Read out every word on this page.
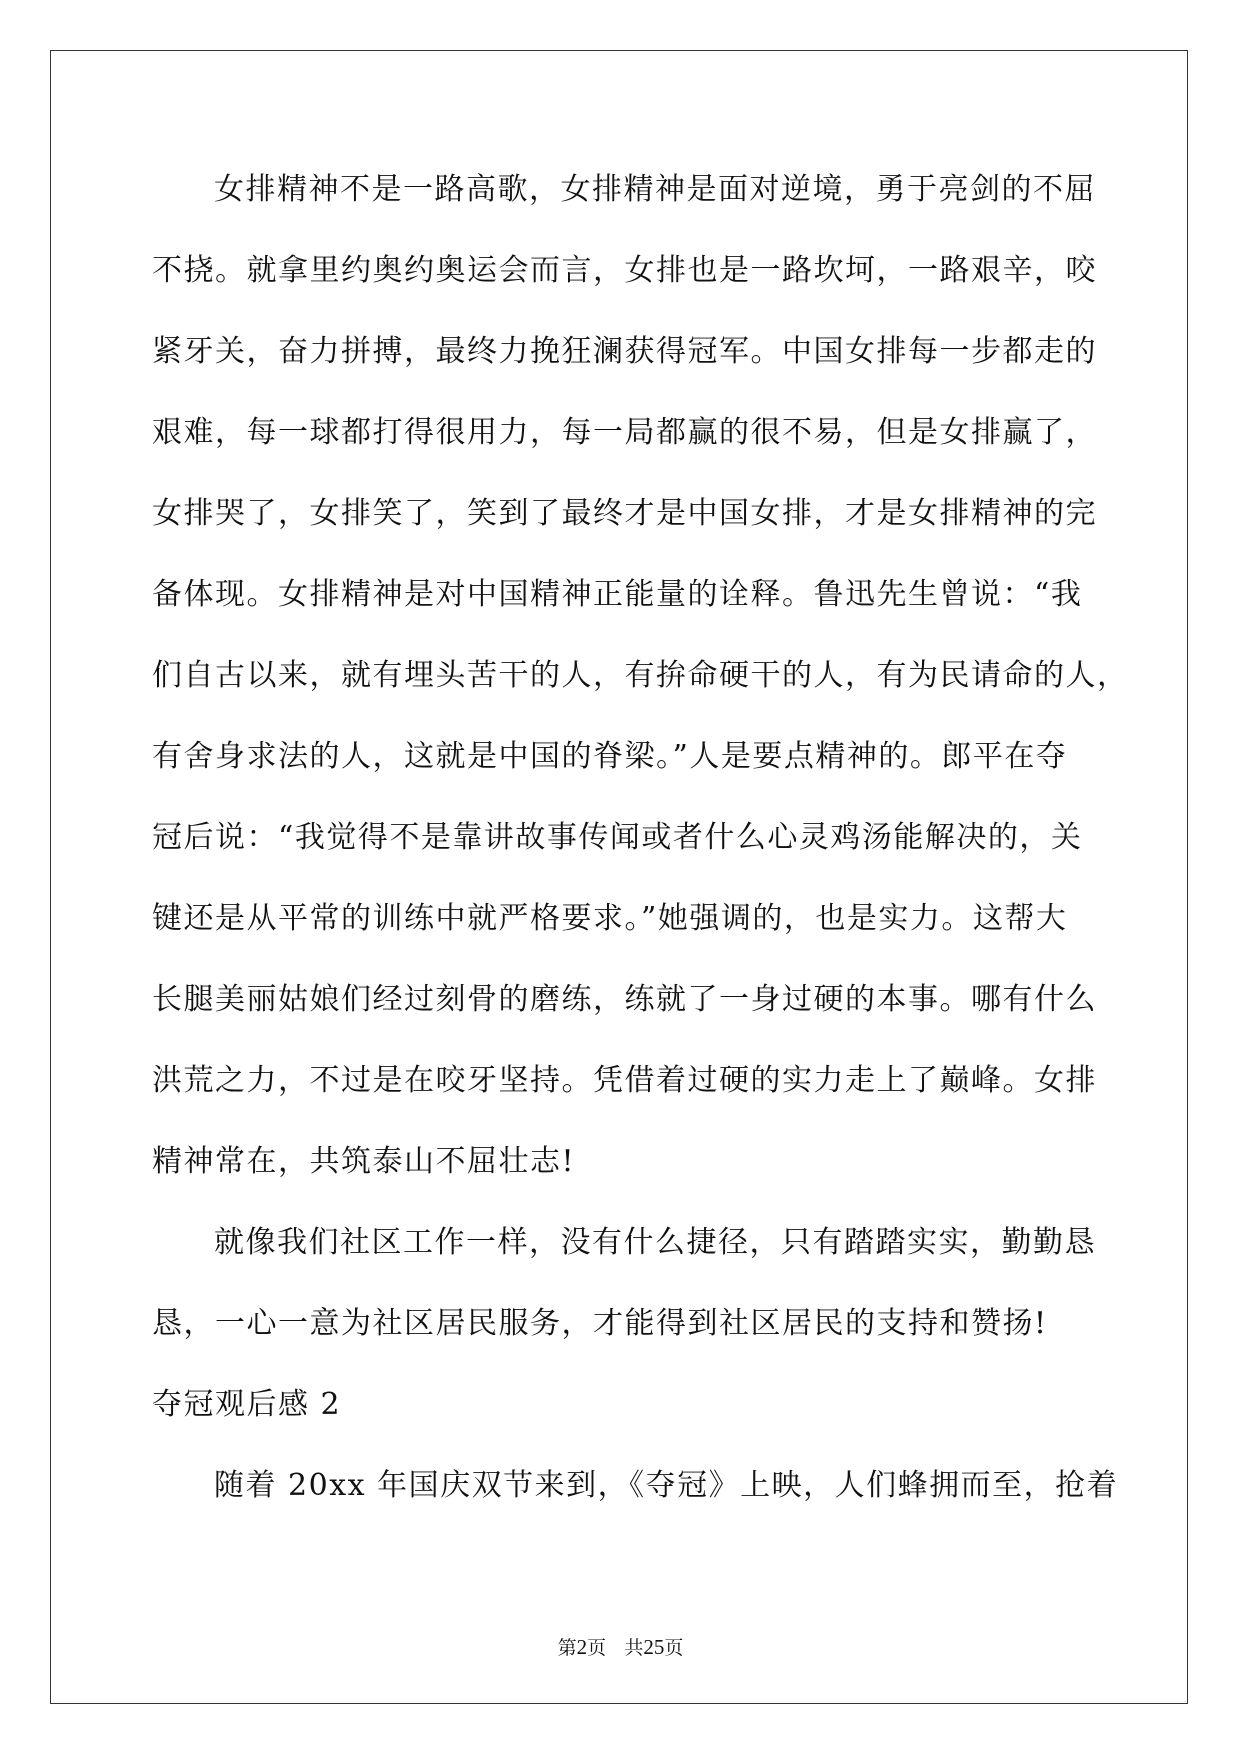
女排精神不是一路高歌，女排精神是面对逆境，勇于亮剑的不屈
不挠。就拿里约奥约奥运会而言，女排也是一路坎坷，一路艰辛，咬
紧牙关，奋力拼搏，最终力挽狂澜获得冠军。中国女排每一步都走的
艰难，每一球都打得很用力，每一局都赢的很不易，但是女排赢了，
女排哭了，女排笑了，笑到了最终才是中国女排，才是女排精神的完
备体现。女排精神是对中国精神正能量的诠释。鲁迅先生曾说：“我
们自古以来，就有埋头苦干的人，有拚命硬干的人，有为民请命的人，
有舍身求法的人，这就是中国的脊梁。”人是要点精神的。郎平在夺
冠后说：“我觉得不是靠讲故事传闻或者什么心灵鸡汤能解决的，关
键还是从平常的训练中就严格要求。”她强调的，也是实力。这帮大
长腿美丽姑娘们经过刻骨的磨练，练就了一身过硬的本事。哪有什么
洪荒之力，不过是在咬牙坚持。凭借着过硬的实力走上了巅峰。女排
精神常在，共筑泰山不屈壮志!
就像我们社区工作一样，没有什么捷径，只有踏踏实实，勤勤恳
恳，一心一意为社区居民服务，才能得到社区居民的支持和赞扬!
夺冠观后感 2
随着 20xx 年国庆双节来到，《夺冠》上映，人们蜂拥而至，抢着
第2页 共25页
